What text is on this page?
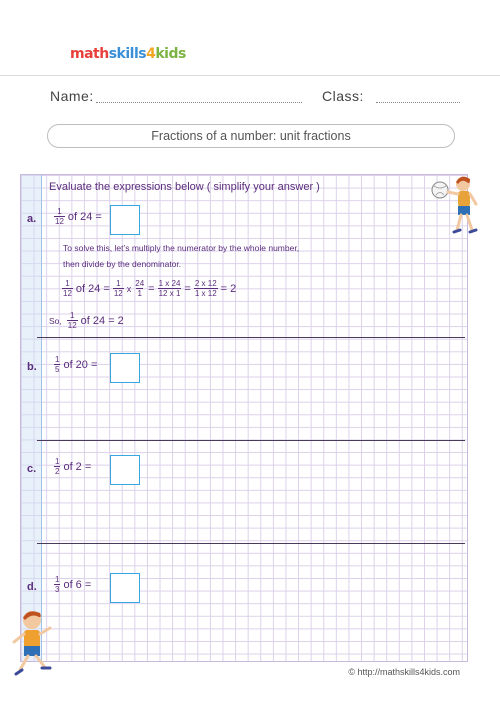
mathskills4kids
Name:	Class:
Fractions of a number: unit fractions
Evaluate the expressions below ( simplify your answer )
a. $\frac{1}{12}$ of 24 =
To solve this, let’s multiply the numerator by the whole number,
then divide by the denominator.
$\frac{1}{12}$ of $24 = \frac{1}{12}$ x $\frac{24}{1} = \frac{1 x 24}{12 x 1} = \frac{2 x 12}{1 x 12} = 2$
So, $\frac{1}{12}$ of 24 = 2
b. $\frac{1}{5}$ of 20 =
c. $\frac{1}{2}$ of 2 =
d. $\frac{1}{3}$ of 6 =
© http://mathskills4kids.com
